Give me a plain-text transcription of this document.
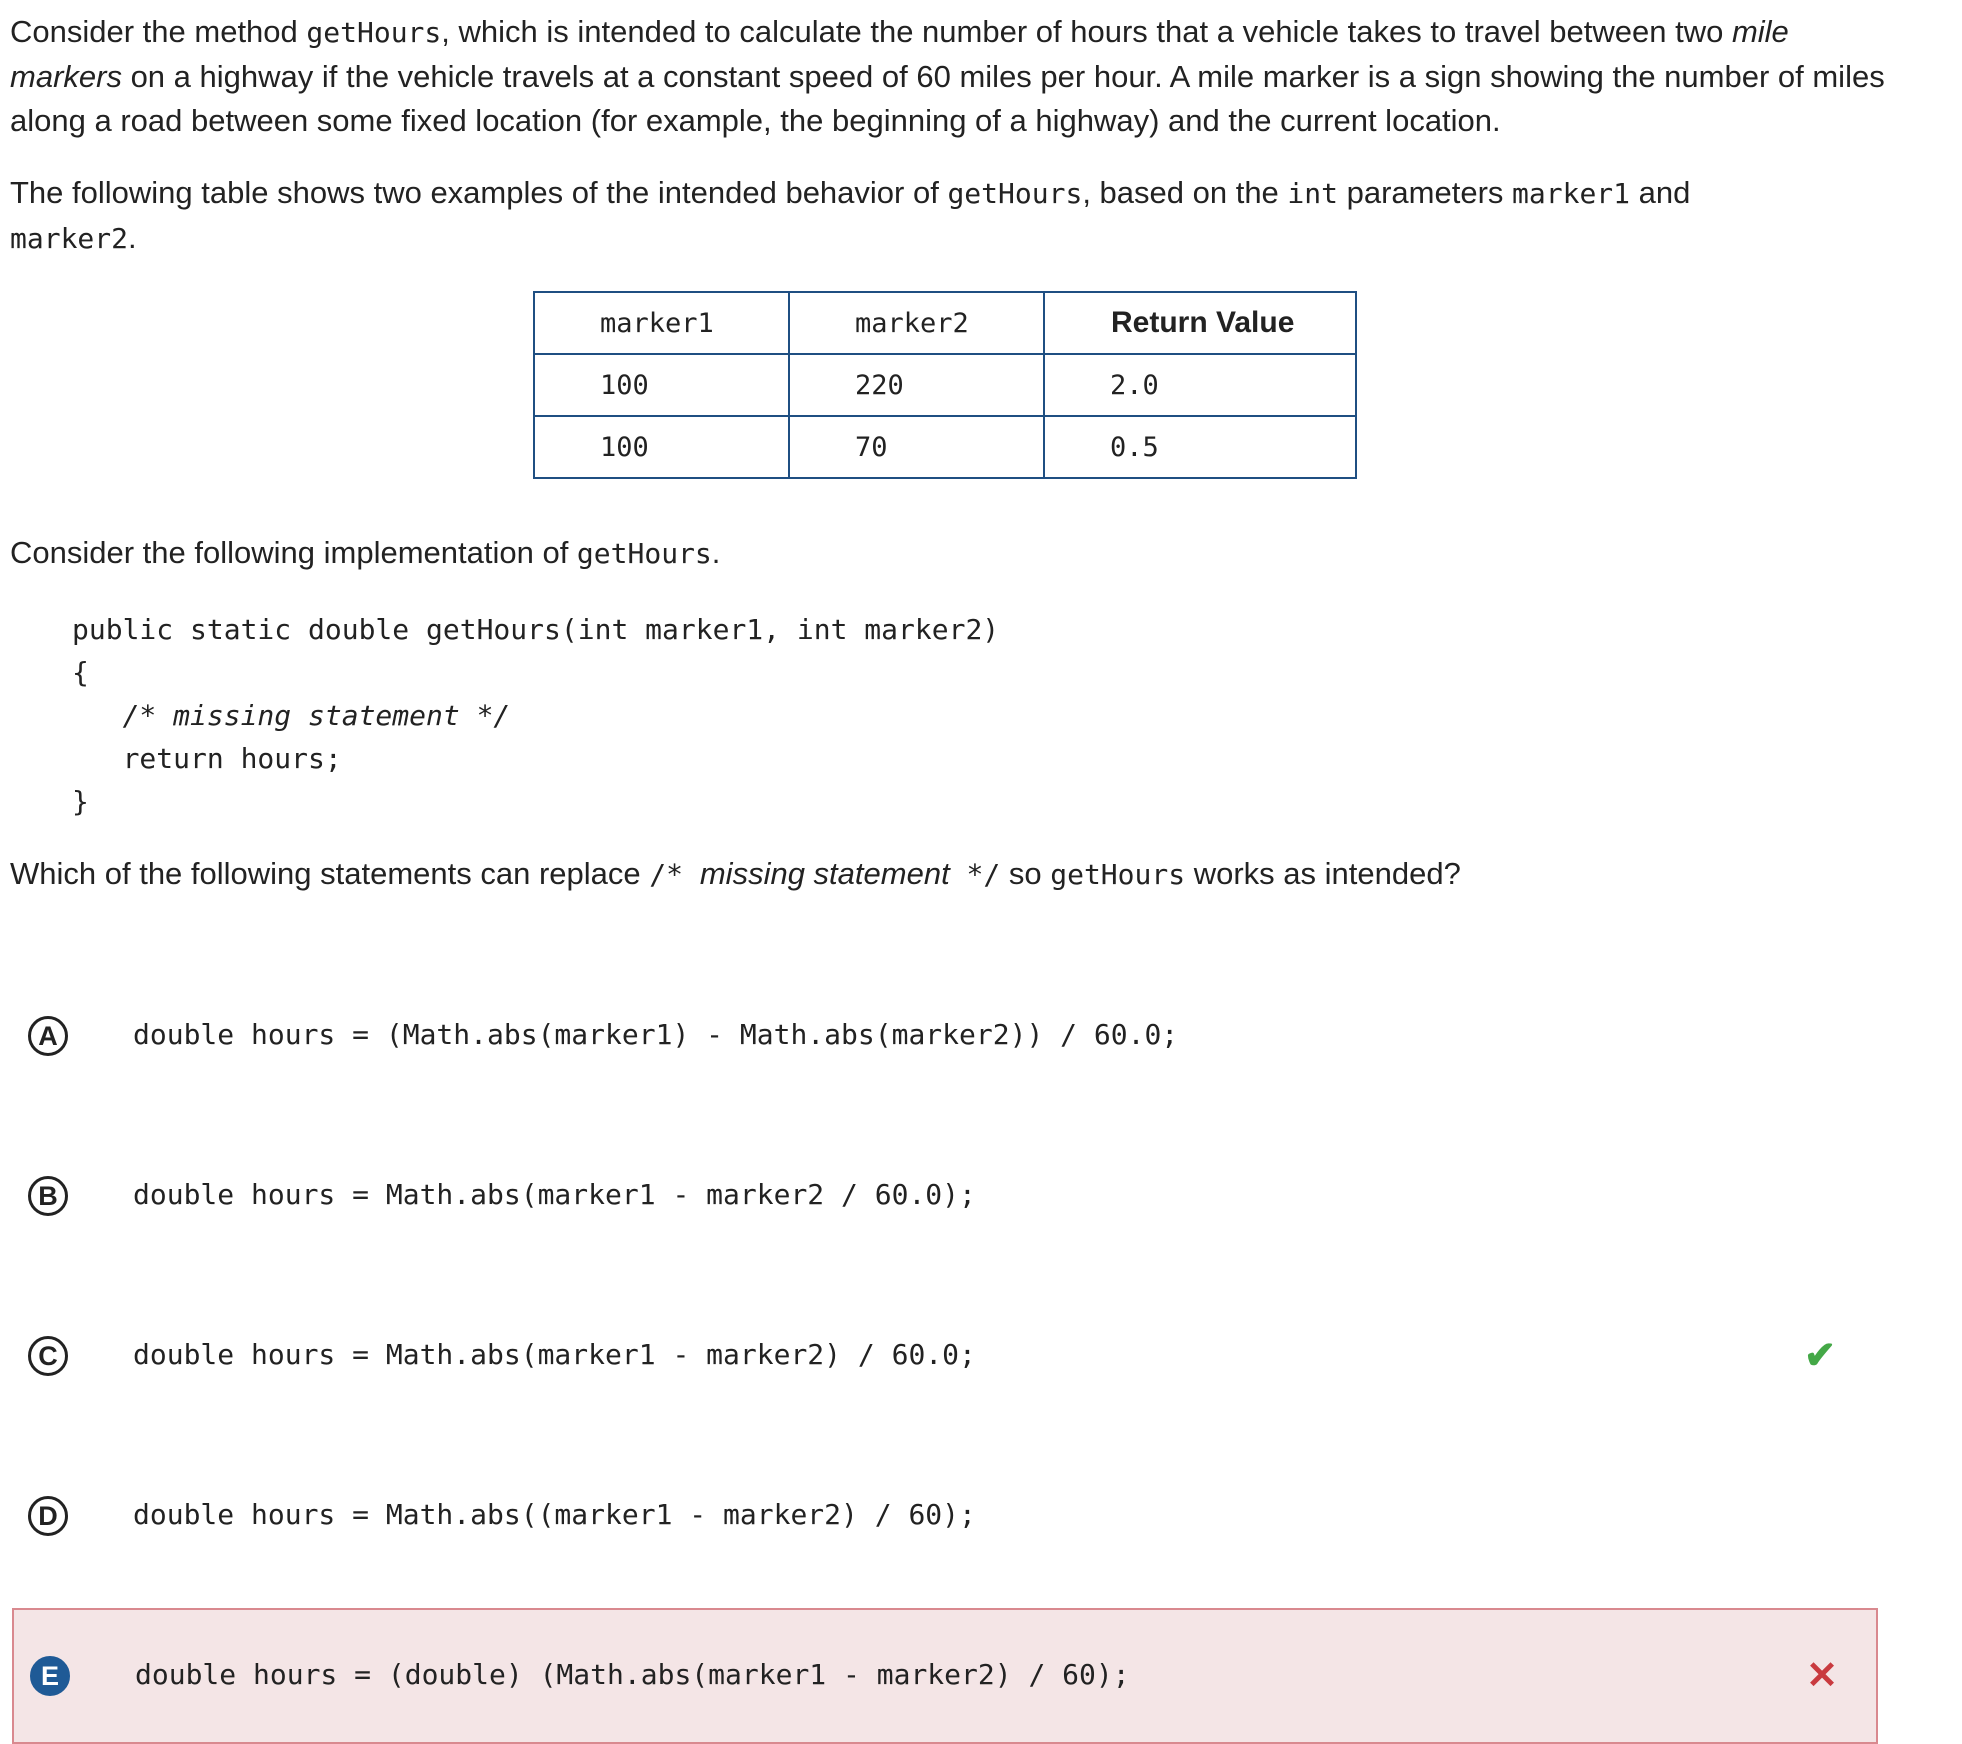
Consider the method getHours, which is intended to calculate the number of hours that a vehicle takes to travel between two mile markers on a highway if the vehicle travels at a constant speed of 60 miles per hour. A mile marker is a sign showing the number of miles along a road between some fixed location (for example, the beginning of a highway) and the current location.

The following table shows two examples of the intended behavior of getHours, based on the int parameters marker1 and
marker2.

marker1	marker2	Return Value
100	220	2.0
100	70	0.5

Consider the following implementation of getHours.

public static double getHours(int marker1, int marker2)
{
/* missing statement */
return hours;
}

Which of the following statements can replace /* missing statement */ so getHours works as intended?

A	double hours = (Math.abs(marker1) - Math.abs(marker2)) / 60.0;
B	double hours = Math.abs(marker1 - marker2 / 60.0);
C	double hours = Math.abs(marker1 - marker2) / 60.0;	✔
D	double hours = Math.abs((marker1 - marker2) / 60);
E	double hours = (double) (Math.abs(marker1 - marker2) / 60);	✕
